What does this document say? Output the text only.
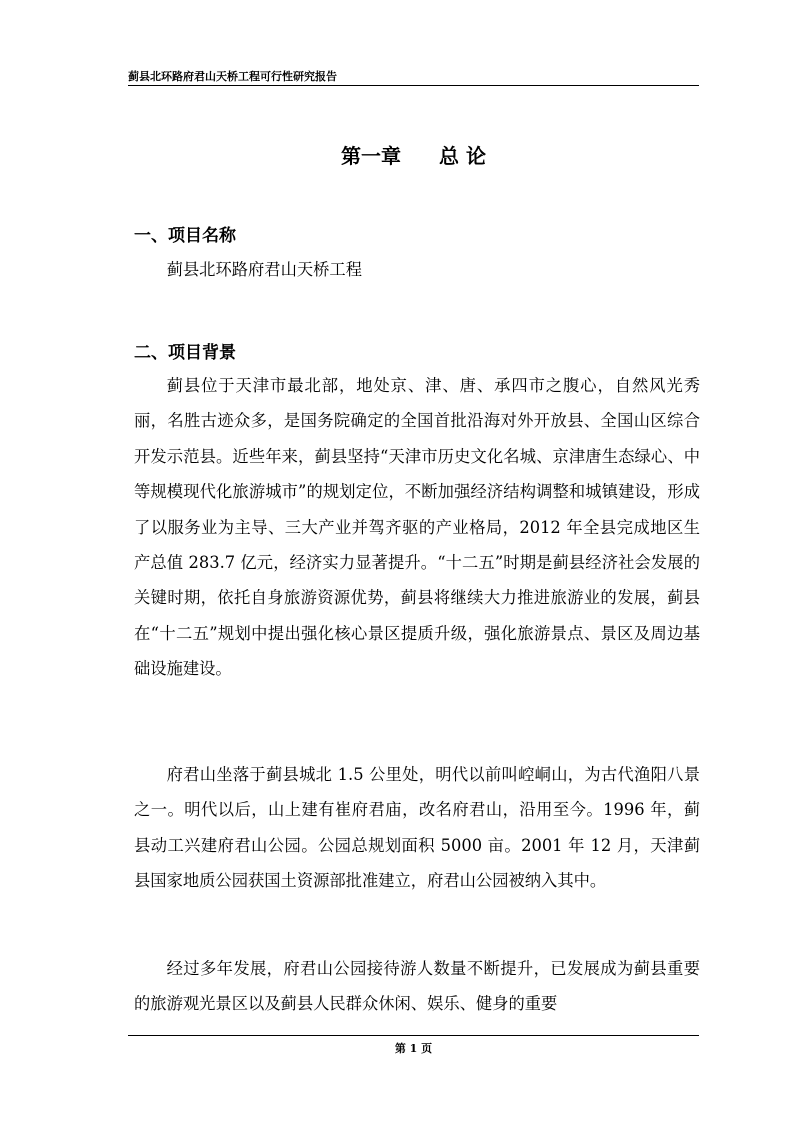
蓟县北环路府君山天桥工程可行性研究报告
第一章 总 论
一、项目名称

蓟县北环路府君山天桥工程

二、项目背景

蓟县位于天津市最北部，地处京、津、唐、承四市之腹心，自然风光秀丽，名胜古迹众多，是国务院确定的全国首批沿海对外开放县、全国山区综合开发示范县。近些年来，蓟县坚持“天津市历史文化名城、京津唐生态绿心、中等规模现代化旅游城市”的规划定位，不断加强经济结构调整和城镇建设，形成了以服务业为主导、三大产业并驾齐驱的产业格局，2012 年全县完成地区生产总值 283.7 亿元，经济实力显著提升。“十二五”时期是蓟县经济社会发展的关键时期，依托自身旅游资源优势，蓟县将继续大力推进旅游业的发展，蓟县在“十二五”规划中提出强化核心景区提质升级，强化旅游景点、景区及周边基础设施建设。

府君山坐落于蓟县城北 1.5 公里处，明代以前叫崆峒山，为古代渔阳八景之一。明代以后，山上建有崔府君庙，改名府君山，沿用至今。1996 年，蓟县动工兴建府君山公园。公园总规划面积 5000 亩。2001 年 12 月，天津蓟县国家地质公园获国土资源部批准建立，府君山公园被纳入其中。

经过多年发展，府君山公园接待游人数量不断提升，已发展成为蓟县重要的旅游观光景区以及蓟县人民群众休闲、娱乐、健身的重要

第 1 页
